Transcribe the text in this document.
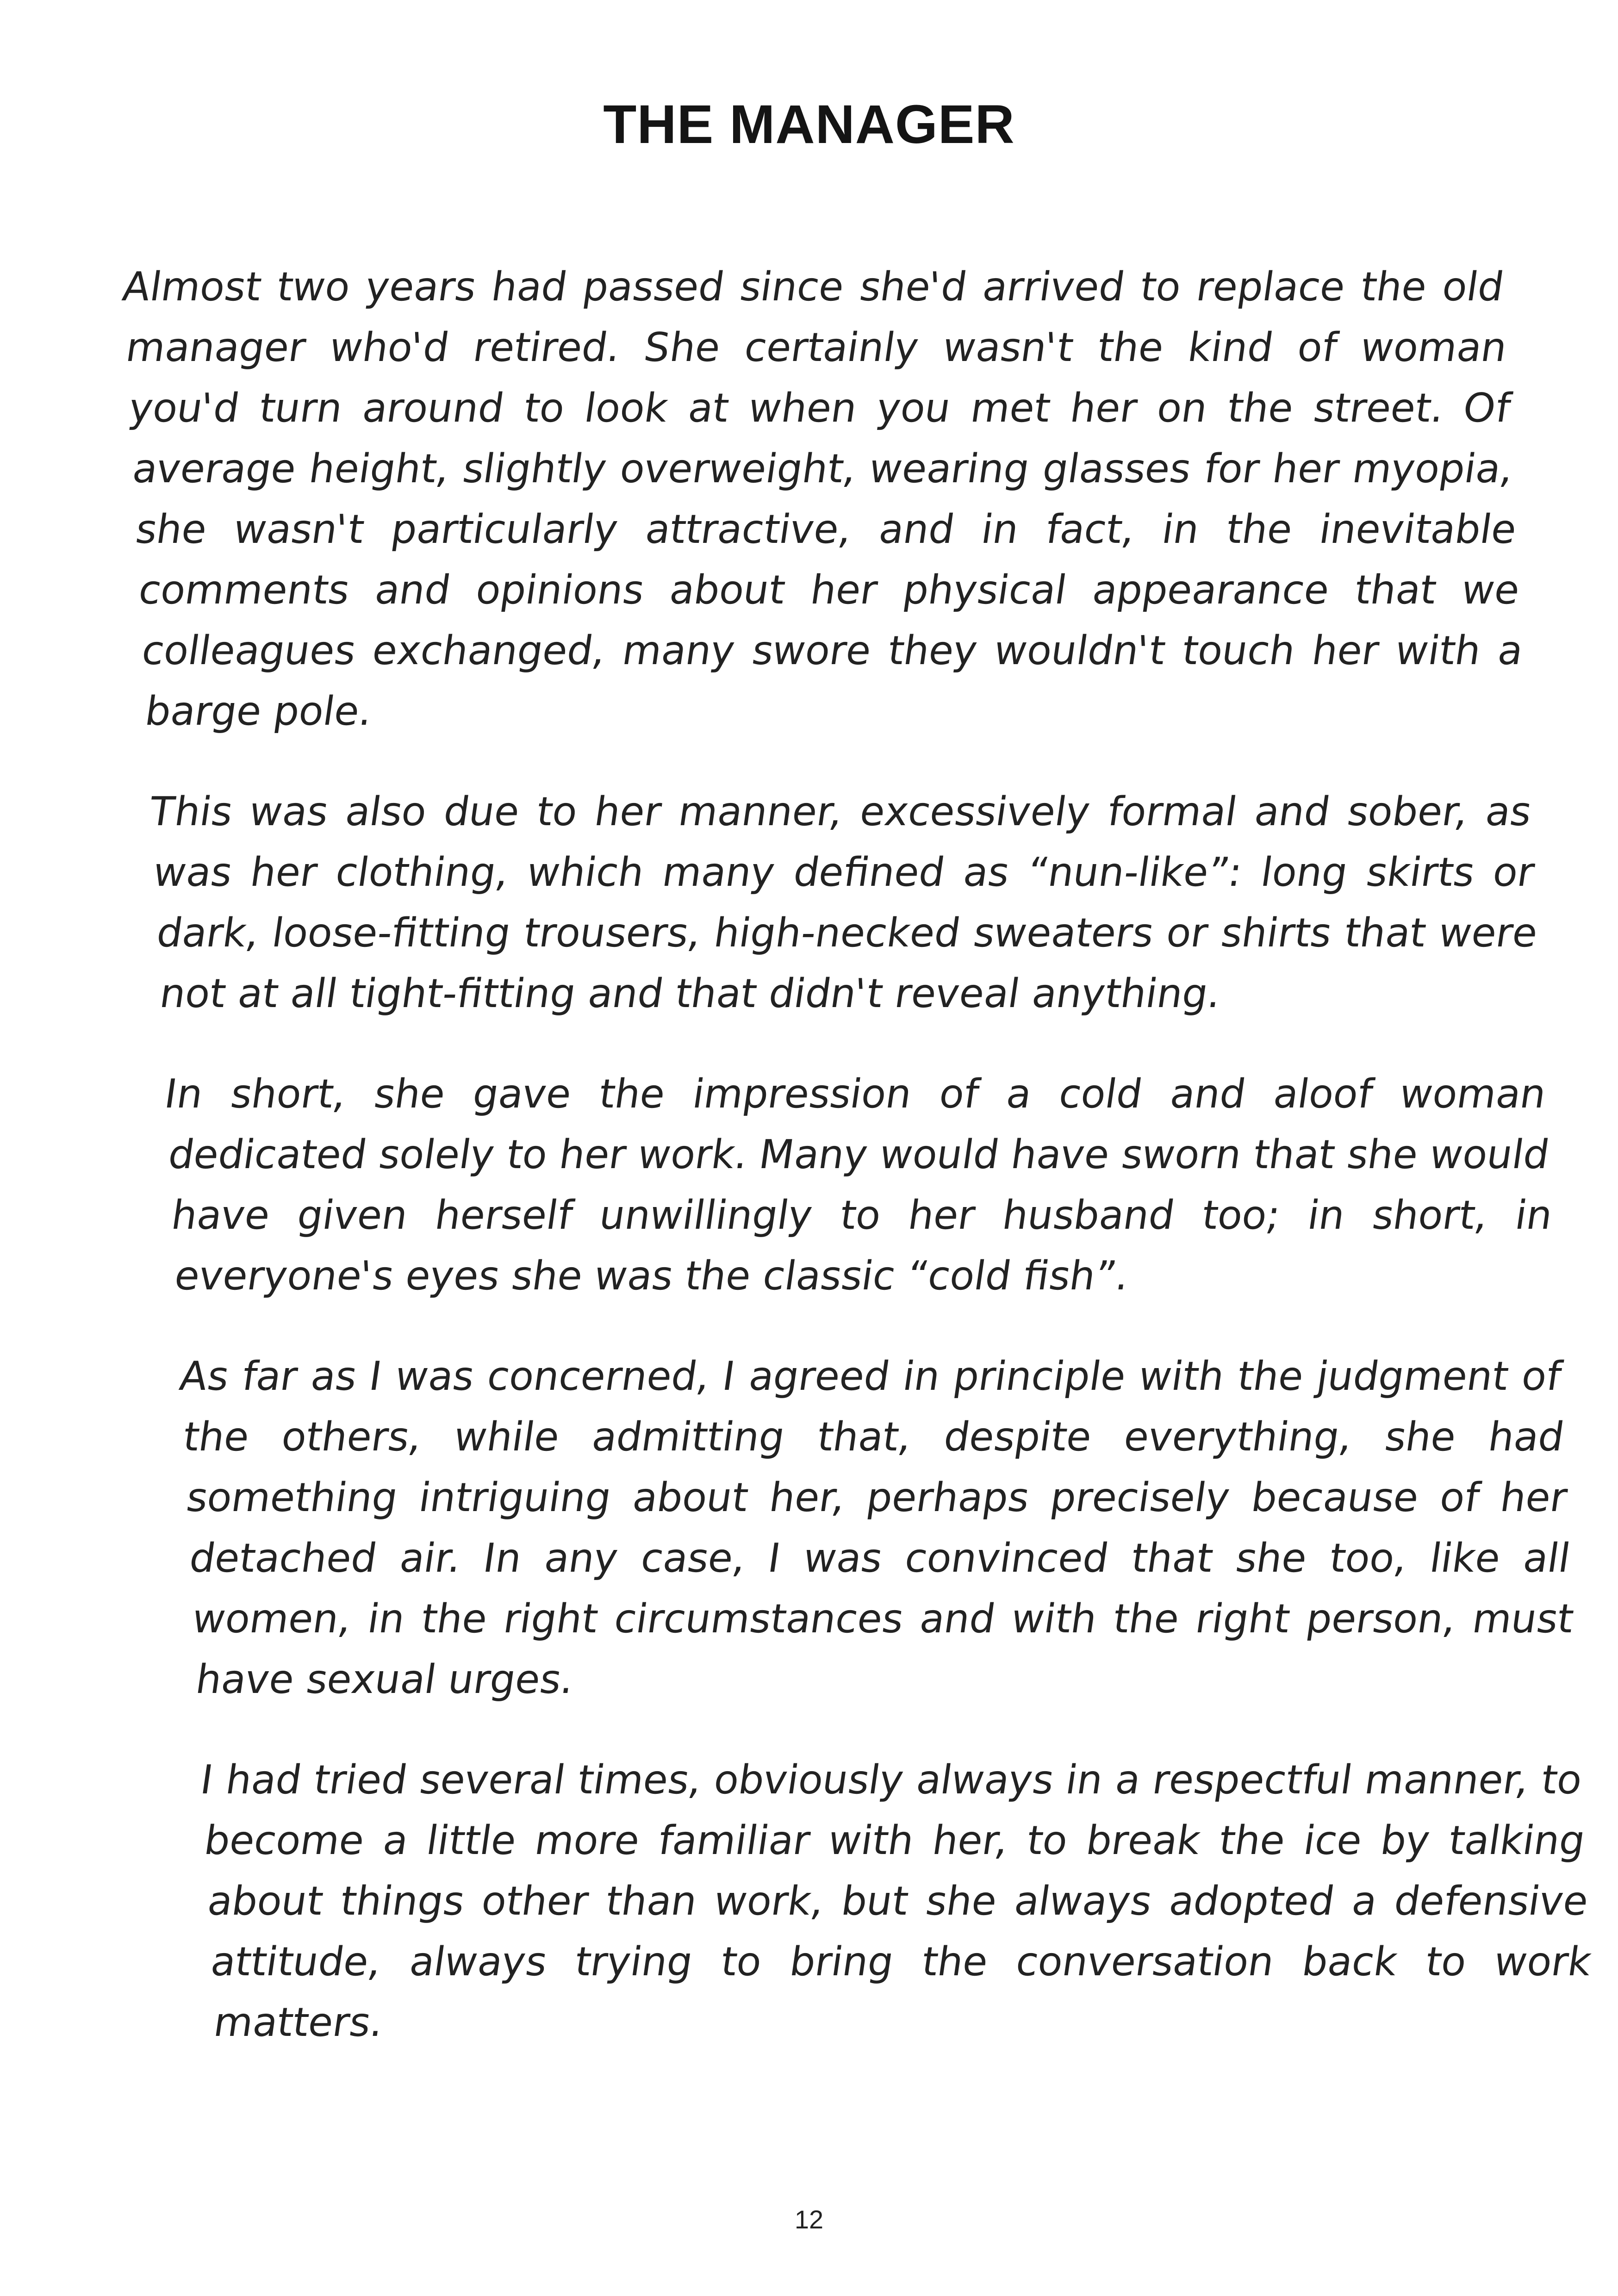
THE MANAGER

Almost two years had passed since she'd arrived to replace the old manager who'd retired. She certainly wasn't the kind of woman you'd turn around to look at when you met her on the street. Of average height, slightly overweight, wearing glasses for her myopia, she wasn't particularly attractive, and in fact, in the inevitable comments and opinions about her physical appearance that we colleagues exchanged, many swore they wouldn't touch her with a barge pole.

This was also due to her manner, excessively formal and sober, as was her clothing, which many defined as “nun-like”: long skirts or dark, loose-fitting trousers, high-necked sweaters or shirts that were not at all tight-fitting and that didn't reveal anything.

In short, she gave the impression of a cold and aloof woman dedicated solely to her work. Many would have sworn that she would have given herself unwillingly to her husband too; in short, in everyone's eyes she was the classic “cold fish”.

As far as I was concerned, I agreed in principle with the judgment of the others, while admitting that, despite everything, she had something intriguing about her, perhaps precisely because of her detached air. In any case, I was convinced that she too, like all women, in the right circumstances and with the right person, must have sexual urges.

I had tried several times, obviously always in a respectful manner, to become a little more familiar with her, to break the ice by talking about things other than work, but she always adopted a defensive attitude, always trying to bring the conversation back to work matters.

12
